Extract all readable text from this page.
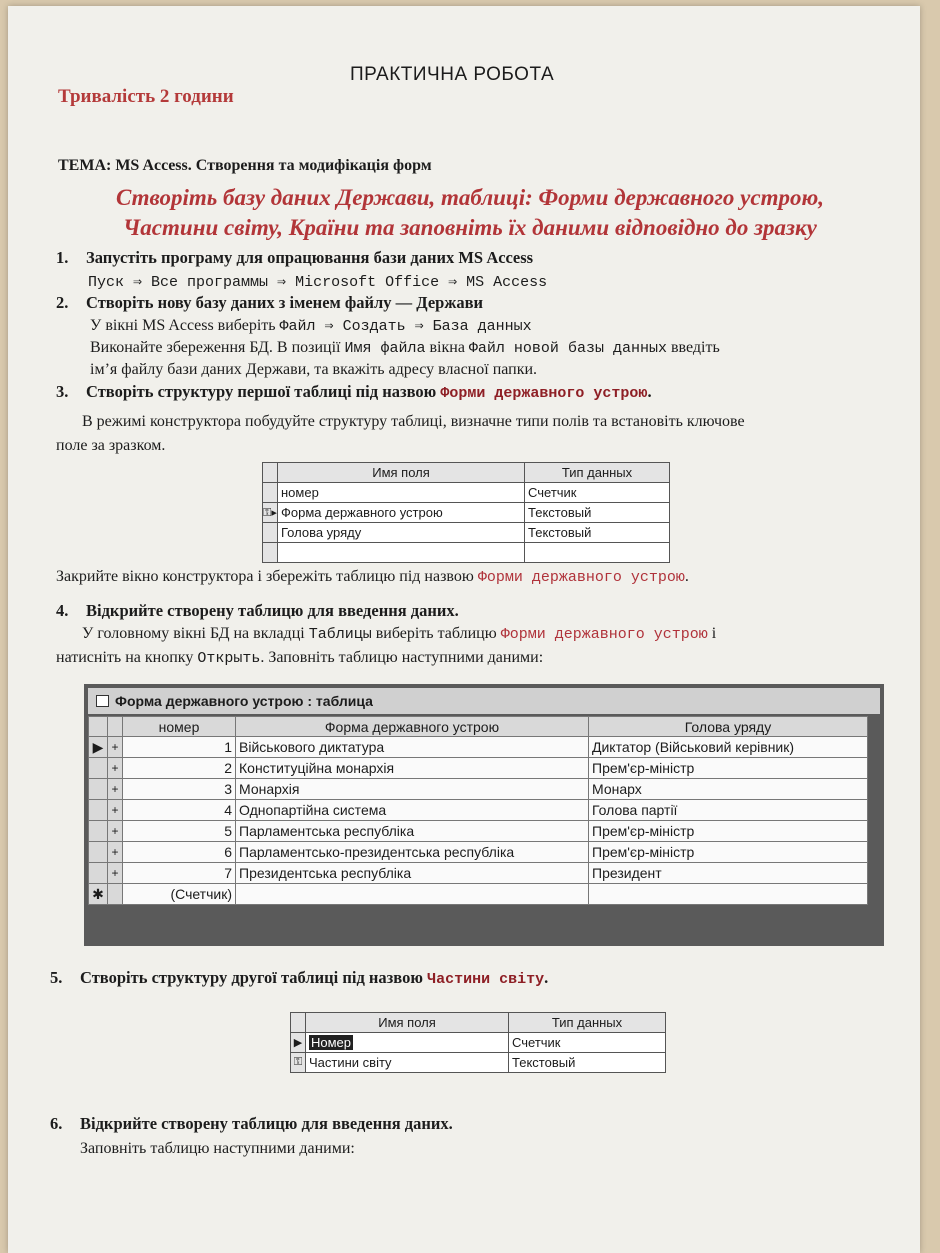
ПРАКТИЧНА РОБОТА
Тривалість 2 години
ТЕМА: MS Access. Створення та модифікація форм
Створіть базу даних Держави, таблиці: Форми державного устрою,
Частини світу, Країни та заповніть їх даними відповідно до зразку
1. Запустіть програму для опрацювання бази даних MS Access
Пуск ⇒ Все программы ⇒ Microsoft Office ⇒ MS Access
2. Створіть нову базу даних з іменем файлу — Держави
У вікні MS Access виберіть Файл ⇒ Создать ⇒ База данных
Виконайте збереження БД. В позиції Имя файла вікна Файл новой базы данных введіть
ім’я файлу бази даних Держави, та вкажіть адресу власної папки.
3. Створіть структуру першої таблиці під назвою Форми державного устрою.
В режимі конструктора побудуйте структуру таблиці, визначне типи полів та встановіть ключове
поле за зразком.
	Имя поля	Тип данных
	номер	Счетчик
⚿▸	Форма державного устрою	Текстовый
	Голова уряду	Текстовый

Закрийте вікно конструктора і збережіть таблицю під назвою Форми державного устрою.
4. Відкрийте створену таблицю для введення даних.
У головному вікні БД на вкладці Таблицы виберіть таблицю Форми державного устрою і
натисніть на кнопку Открыть. Заповніть таблицю наступними даними:
Форма державного устрою : таблица
		номер	Форма державного устрою	Голова уряду
▶	+	1	Військового диктатура	Диктатор (Військовий керівник)
	+	2	Конституційна монархія	Прем'єр-міністр
	+	3	Монархія	Монарх
	+	4	Однопартійна система	Голова партії
	+	5	Парламентська республіка	Прем'єр-міністр
	+	6	Парламентсько-президентська республіка	Прем'єр-міністр
	+	7	Президентська республіка	Президент
✱		(Счетчик)		
5. Створіть структуру другої таблиці під назвою Частини світу.
	Имя поля	Тип данных
▶	Номер	Счетчик
⚿	Частини світу	Текстовый
6. Відкрийте створену таблицю для введення даних.
Заповніть таблицю наступними даними:
